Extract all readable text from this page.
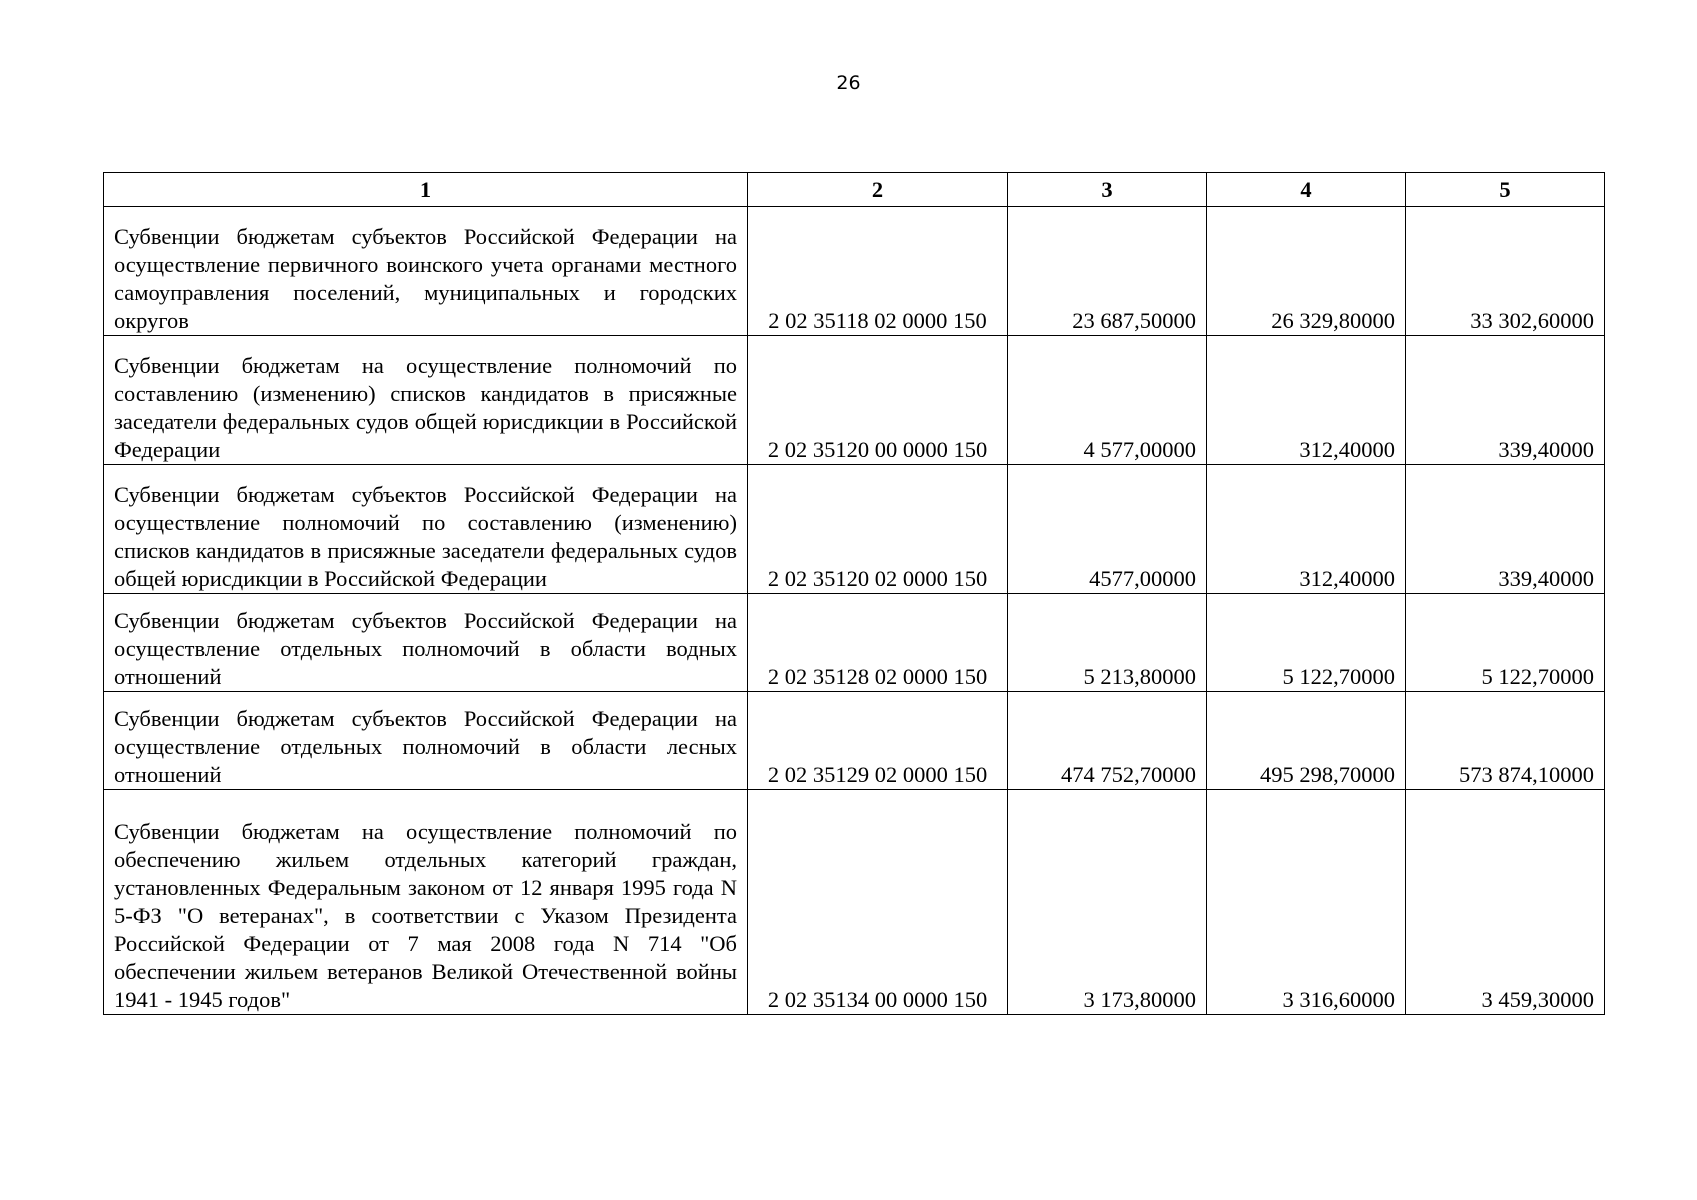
26
1	2	3	4	5
Субвенции бюджетам субъектов Российской Федерации на осуществление первичного воинского учета органами местного самоуправления поселений, муниципальных и городских округов	2 02 35118 02 0000 150	23 687,50000	26 329,80000	33 302,60000
Субвенции бюджетам на осуществление полномочий по составлению (изменению) списков кандидатов в присяжные заседатели федеральных судов общей юрисдикции в Российской Федерации	2 02 35120 00 0000 150	4 577,00000	312,40000	339,40000
Субвенции бюджетам субъектов Российской Федерации на осуществление полномочий по составлению (изменению) списков кандидатов в присяжные заседатели федеральных судов общей юрисдикции в Российской Федерации	2 02 35120 02 0000 150	4577,00000	312,40000	339,40000
Субвенции бюджетам субъектов Российской Федерации на осуществление отдельных полномочий в области водных отношений	2 02 35128 02 0000 150	5 213,80000	5 122,70000	5 122,70000
Субвенции бюджетам субъектов Российской Федерации на осуществление отдельных полномочий в области лесных отношений	2 02 35129 02 0000 150	474 752,70000	495 298,70000	573 874,10000
Субвенции бюджетам на осуществление полномочий по обеспечению жильем отдельных категорий граждан, установленных Федеральным законом от 12 января 1995 года N 5-ФЗ "О ветеранах", в соответствии с Указом Президента Российской Федерации от 7 мая 2008 года N 714 "Об обеспечении жильем ветеранов Великой Отечественной войны 1941 - 1945 годов"	2 02 35134 00 0000 150	3 173,80000	3 316,60000	3 459,30000
